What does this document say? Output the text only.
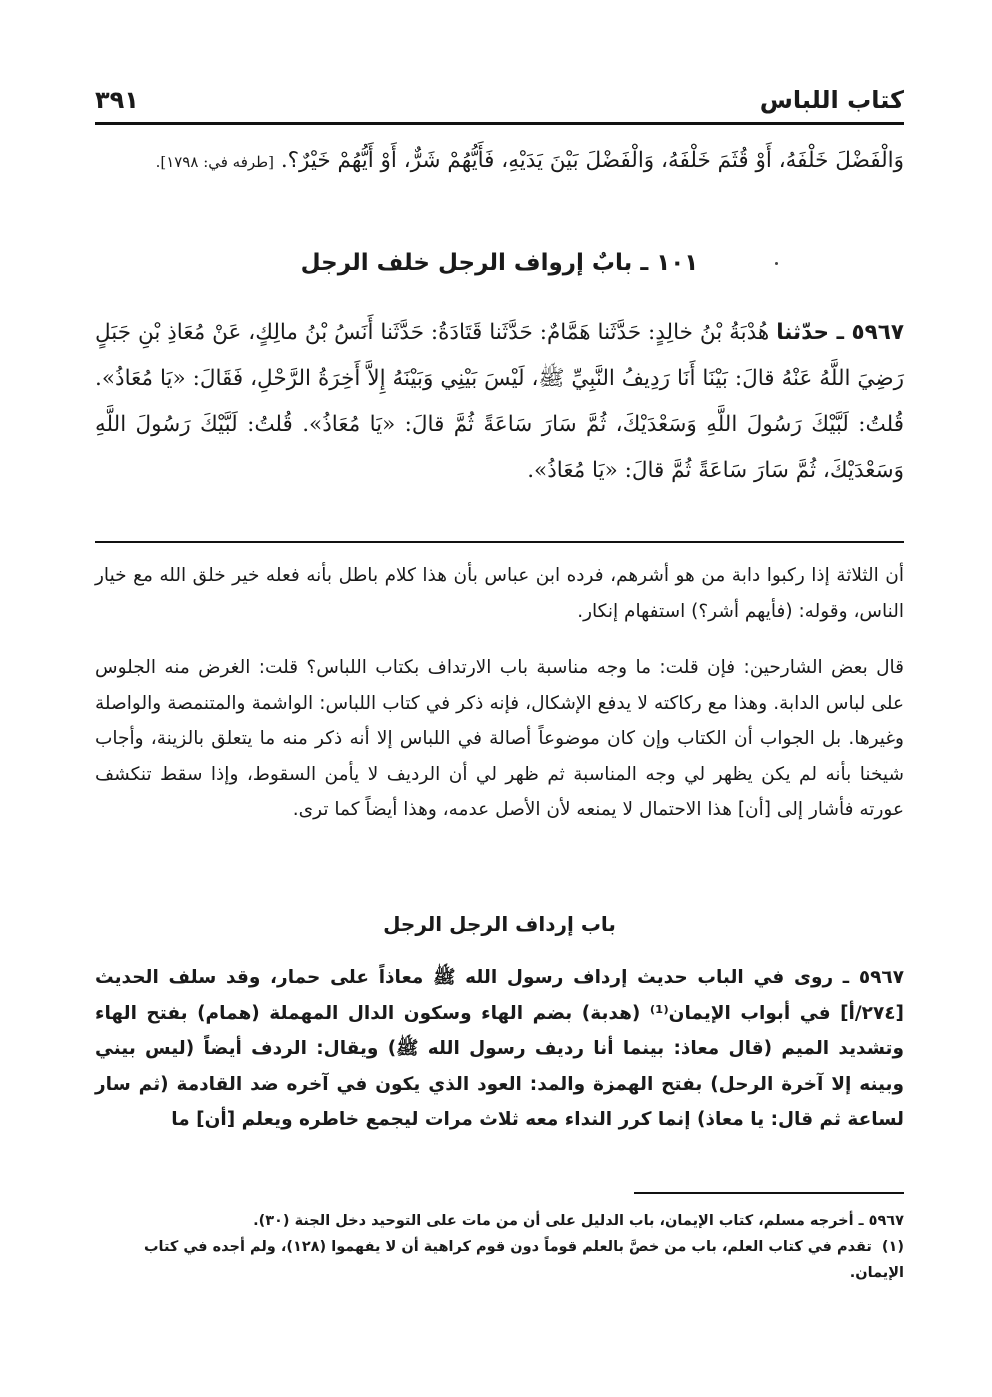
كتاب اللباس
٣٩١
وَالْفَضْلَ خَلْفَهُ، أَوْ قُثَمَ خَلْفَهُ، وَالْفَضْلَ بَيْنَ يَدَيْهِ، فَأَيُّهُمْ شَرٌّ، أَوْ أَيُّهُمْ خَيْرٌ؟. [طرفه في: ١٧٩٨].
١٠١ ـ بابٌ إرواف الرجل خلف الرجل
٥٩٦٧ ـ حدّثنا هُدْبَةُ بْنُ خالِدٍ: حَدَّثَنا هَمَّامٌ: حَدَّثَنا قَتَادَةُ: حَدَّثَنا أَنَسُ بْنُ مالِكٍ، عَنْ مُعَاذِ بْنِ جَبَلٍ رَضِيَ اللَّهُ عَنْهُ قالَ: بَيْنَا أَنَا رَدِيفُ النَّبِيِّ ﷺ، لَيْسَ بَيْنِي وَبَيْنَهُ إِلاَّ أَخِرَةُ الرَّحْلِ، فَقَالَ: «يَا مُعَاذُ». قُلتُ: لَبَّيْكَ رَسُولَ اللَّهِ وَسَعْدَيْكَ، ثُمَّ سَارَ سَاعَةً ثُمَّ قالَ: «يَا مُعَاذُ». قُلتُ: لَبَّيْكَ رَسُولَ اللَّهِ وَسَعْدَيْكَ، ثُمَّ سَارَ سَاعَةً ثُمَّ قالَ: «يَا مُعَاذُ».
أن الثلاثة إذا ركبوا دابة من هو أشرهم، فرده ابن عباس بأن هذا كلام باطل بأنه فعله خير خلق الله مع خيار الناس، وقوله: (فأيهم أشر؟) استفهام إنكار.
قال بعض الشارحين: فإن قلت: ما وجه مناسبة باب الارتداف بكتاب اللباس؟ قلت: الغرض منه الجلوس على لباس الدابة. وهذا مع ركاكته لا يدفع الإشكال، فإنه ذكر في كتاب اللباس: الواشمة والمتنمصة والواصلة وغيرها. بل الجواب أن الكتاب وإن كان موضوعاً أصالة في اللباس إلا أنه ذكر منه ما يتعلق بالزينة، وأجاب شيخنا بأنه لم يكن يظهر لي وجه المناسبة ثم ظهر لي أن الرديف لا يأمن السقوط، وإذا سقط تنكشف عورته فأشار إلى [أن] هذا الاحتمال لا يمنعه لأن الأصل عدمه، وهذا أيضاً كما ترى.
باب إرداف الرجل الرجل
٥٩٦٧ ـ روى في الباب حديث إرداف رسول الله ﷺ معاذاً على حمار، وقد سلف الحديث [٢٧٤/أ] في أبواب الإيمان⁽¹⁾ (هدبة) بضم الهاء وسكون الدال المهملة (همام) بفتح الهاء وتشديد الميم (قال معاذ: بينما أنا رديف رسول الله ﷺ) ويقال: الردف أيضاً (ليس بيني وبينه إلا آخرة الرحل) بفتح الهمزة والمد: العود الذي يكون في آخره ضد القادمة (ثم سار لساعة ثم قال: يا معاذ) إنما كرر النداء معه ثلاث مرات ليجمع خاطره ويعلم [أن] ما

٥٩٦٧ ـ أخرجه مسلم، كتاب الإيمان، باب الدليل على أن من مات على التوحيد دخل الجنة (٣٠).

(١)تقدم في كتاب العلم، باب من خصَّ بالعلم قوماً دون قوم كراهية أن لا يفهموا (١٢٨)، ولم أجده في كتاب الإيمان.
